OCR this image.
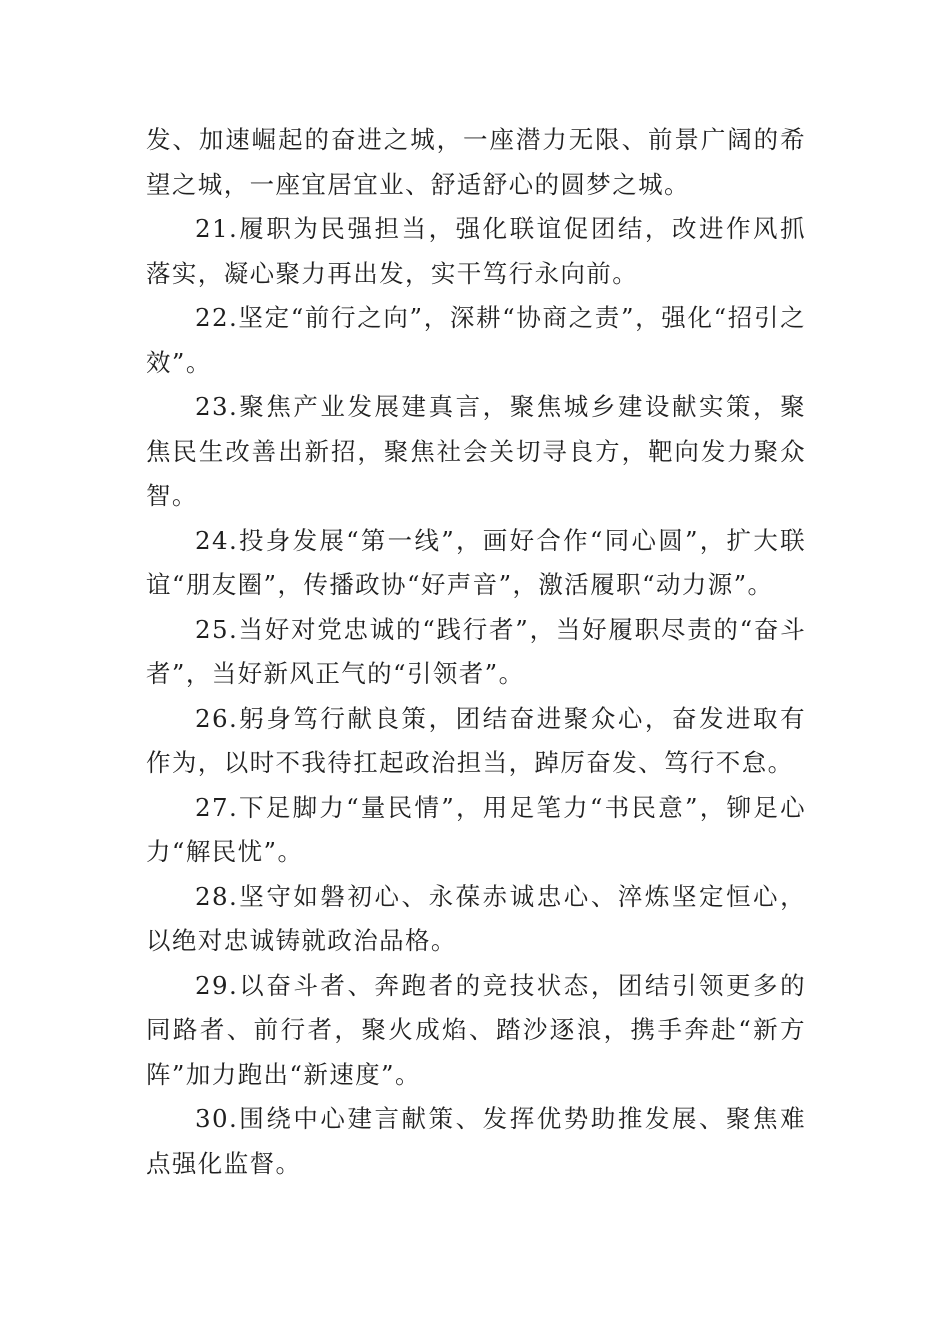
发、加速崛起的奋进之城，一座潜力无限、前景广阔的希望之城，一座宜居宜业、舒适舒心的圆梦之城。

21.履职为民强担当，强化联谊促团结，改进作风抓落实，凝心聚力再出发，实干笃行永向前。

22.坚定“前行之向”，深耕“协商之责”，强化“招引之效”。

23.聚焦产业发展建真言，聚焦城乡建设献实策，聚焦民生改善出新招，聚焦社会关切寻良方，靶向发力聚众智。

24.投身发展“第一线”，画好合作“同心圆”，扩大联谊“朋友圈”，传播政协“好声音”，激活履职“动力源”。

25.当好对党忠诚的“践行者”，当好履职尽责的“奋斗者”，当好新风正气的“引领者”。

26.躬身笃行献良策，团结奋进聚众心，奋发进取有作为，以时不我待扛起政治担当，踔厉奋发、笃行不怠。

27.下足脚力“量民情”，用足笔力“书民意”，铆足心力“解民忧”。

28.坚守如磐初心、永葆赤诚忠心、淬炼坚定恒心，以绝对忠诚铸就政治品格。

29.以奋斗者、奔跑者的竞技状态，团结引领更多的同路者、前行者，聚火成焰、踏沙逐浪，携手奔赴“新方阵”加力跑出“新速度”。

30.围绕中心建言献策、发挥优势助推发展、聚焦难点强化监督。
